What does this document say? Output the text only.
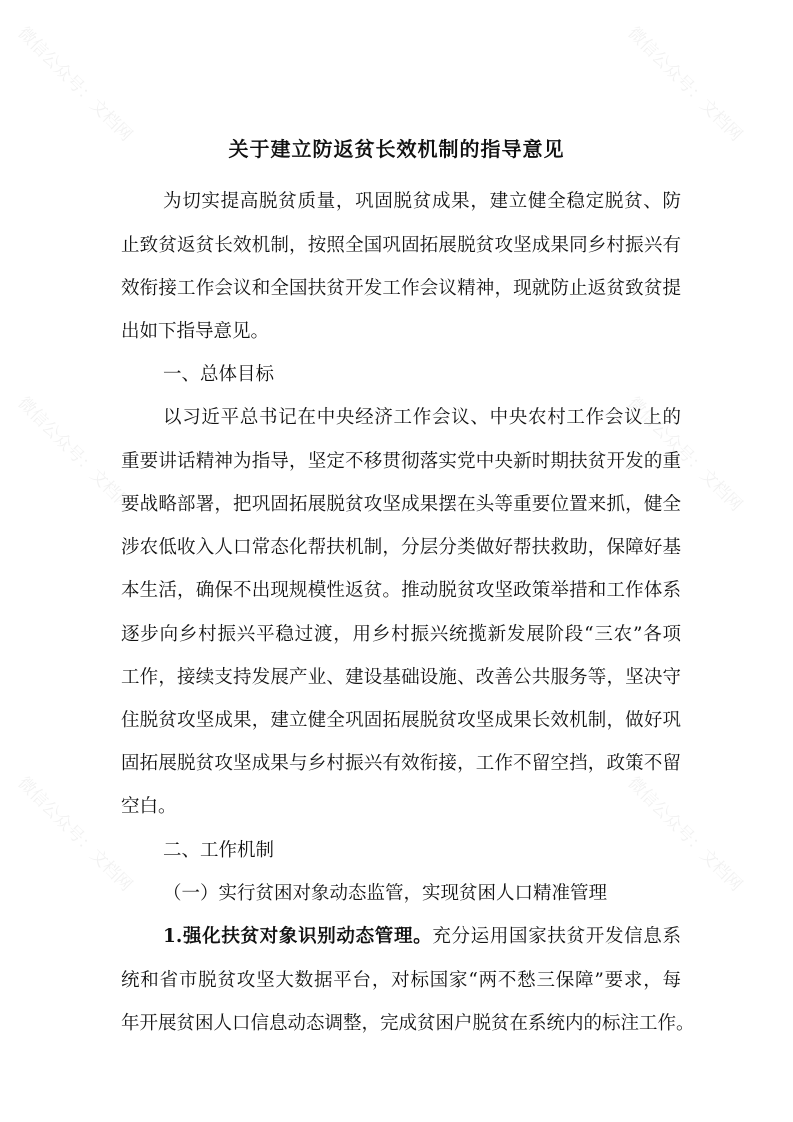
微信公众号：文档网	微信公众号：文档网
微信公众号：文档网	微信公众号：文档网
微信公众号：文档网	微信公众号：文档网
关于建立防返贫长效机制的指导意见
为切实提高脱贫质量，巩固脱贫成果，建立健全稳定脱贫、防
止致贫返贫长效机制，按照全国巩固拓展脱贫攻坚成果同乡村振兴有
效衔接工作会议和全国扶贫开发工作会议精神，现就防止返贫致贫提
出如下指导意见。
一、总体目标
以习近平总书记在中央经济工作会议、中央农村工作会议上的
重要讲话精神为指导，坚定不移贯彻落实党中央新时期扶贫开发的重
要战略部署，把巩固拓展脱贫攻坚成果摆在头等重要位置来抓，健全
涉农低收入人口常态化帮扶机制，分层分类做好帮扶救助，保障好基
本生活，确保不出现规模性返贫。推动脱贫攻坚政策举措和工作体系
逐步向乡村振兴平稳过渡，用乡村振兴统揽新发展阶段“三农”各项
工作，接续支持发展产业、建设基础设施、改善公共服务等，坚决守
住脱贫攻坚成果，建立健全巩固拓展脱贫攻坚成果长效机制，做好巩
固拓展脱贫攻坚成果与乡村振兴有效衔接，工作不留空挡，政策不留
空白。
二、工作机制
（一）实行贫困对象动态监管，实现贫困人口精准管理
1.强化扶贫对象识别动态管理。充分运用国家扶贫开发信息系
统和省市脱贫攻坚大数据平台，对标国家“两不愁三保障”要求，每
年开展贫困人口信息动态调整，完成贫困户脱贫在系统内的标注工作。
